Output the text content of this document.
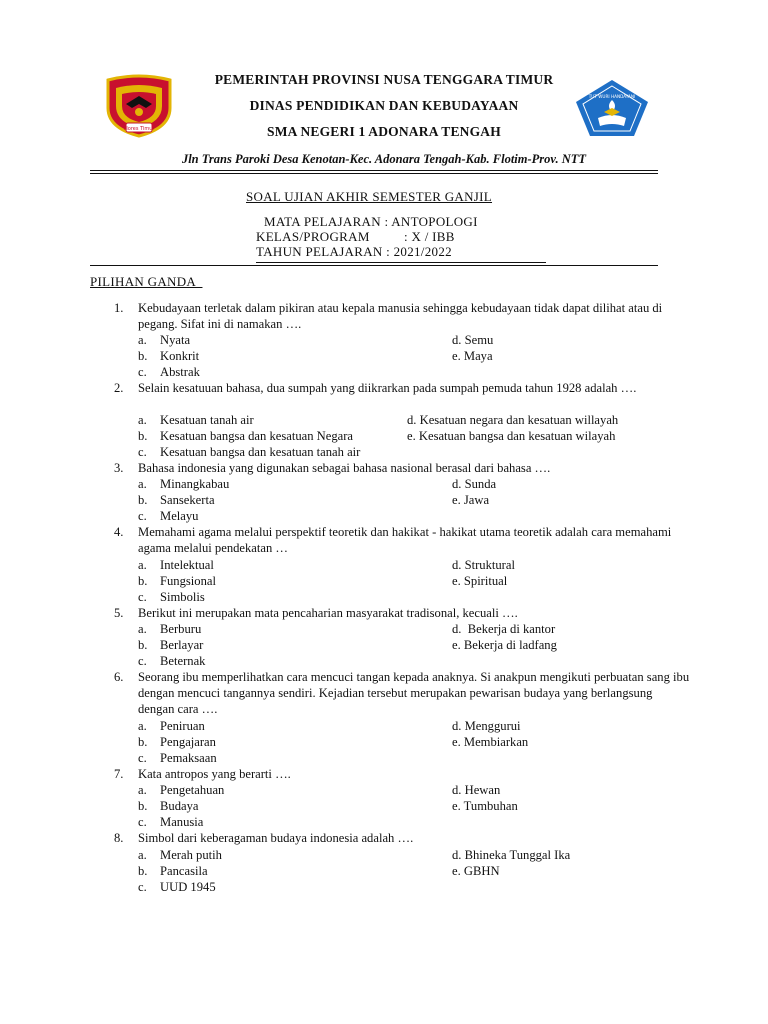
Flores Timur
TUT WURI HANDAYANI
PEMERINTAH PROVINSI NUSA TENGGARA TIMUR
DINAS PENDIDIKAN DAN KEBUDAYAAN
SMA NEGERI 1 ADONARA TENGAH
Jln Trans Paroki Desa Kenotan-Kec. Adonara Tengah-Kab. Flotim-Prov. NTT
SOAL UJIAN AKHIR SEMESTER GANJIL
MATA PELAJARAN : ANTOPOLOGI
KELAS/PROGRAM	: X / IBB
TAHUN PELAJARAN : 2021/2022
PILIHAN GANDA
1. Kebudayaan terletak dalam pikiran atau kepala manusia sehingga kebudayaan tidak dapat dilihat atau di pegang. Sifat ini di namakan ….
a. Nyata
b. Konkrit
c. Abstrak
d. Semu
e. Maya
2. Selain kesatuuan bahasa, dua sumpah yang diikrarkan pada sumpah pemuda tahun 1928 adalah ….
a. Kesatuan tanah air
b. Kesatuan bangsa dan kesatuan Negara
c. Kesatuan bangsa dan kesatuan tanah air
d. Kesatuan negara dan kesatuan willayah
e. Kesatuan bangsa dan kesatuan wilayah
3. Bahasa indonesia yang digunakan sebagai bahasa nasional berasal dari bahasa ….
a. Minangkabau
b. Sansekerta
c. Melayu
d. Sunda
e. Jawa
4. Memahami agama melalui perspektif teoretik dan hakikat - hakikat utama teoretik adalah cara memahami agama melalui pendekatan …
a. Intelektual
b. Fungsional
c. Simbolis
d. Struktural
e. Spiritual
5. Berikut ini merupakan mata pencaharian masyarakat tradisonal, kecuali ….
a. Berburu
b. Berlayar
c. Beternak
d.  Bekerja di kantor
e. Bekerja di ladfang
6. Seorang ibu memperlihatkan cara mencuci tangan kepada anaknya. Si anakpun mengikuti perbuatan sang ibu dengan mencuci tangannya sendiri. Kejadian tersebut merupakan pewarisan budaya yang berlangsung dengan cara ….
a. Peniruan
b. Pengajaran
c. Pemaksaan
d. Menggurui
e. Membiarkan
7. Kata antropos yang berarti ….
a. Pengetahuan
b. Budaya
c. Manusia
d. Hewan
e. Tumbuhan
8. Simbol dari keberagaman budaya indonesia adalah ….
a. Merah putih
b. Pancasila
c. UUD 1945
d. Bhineka Tunggal Ika
e. GBHN
